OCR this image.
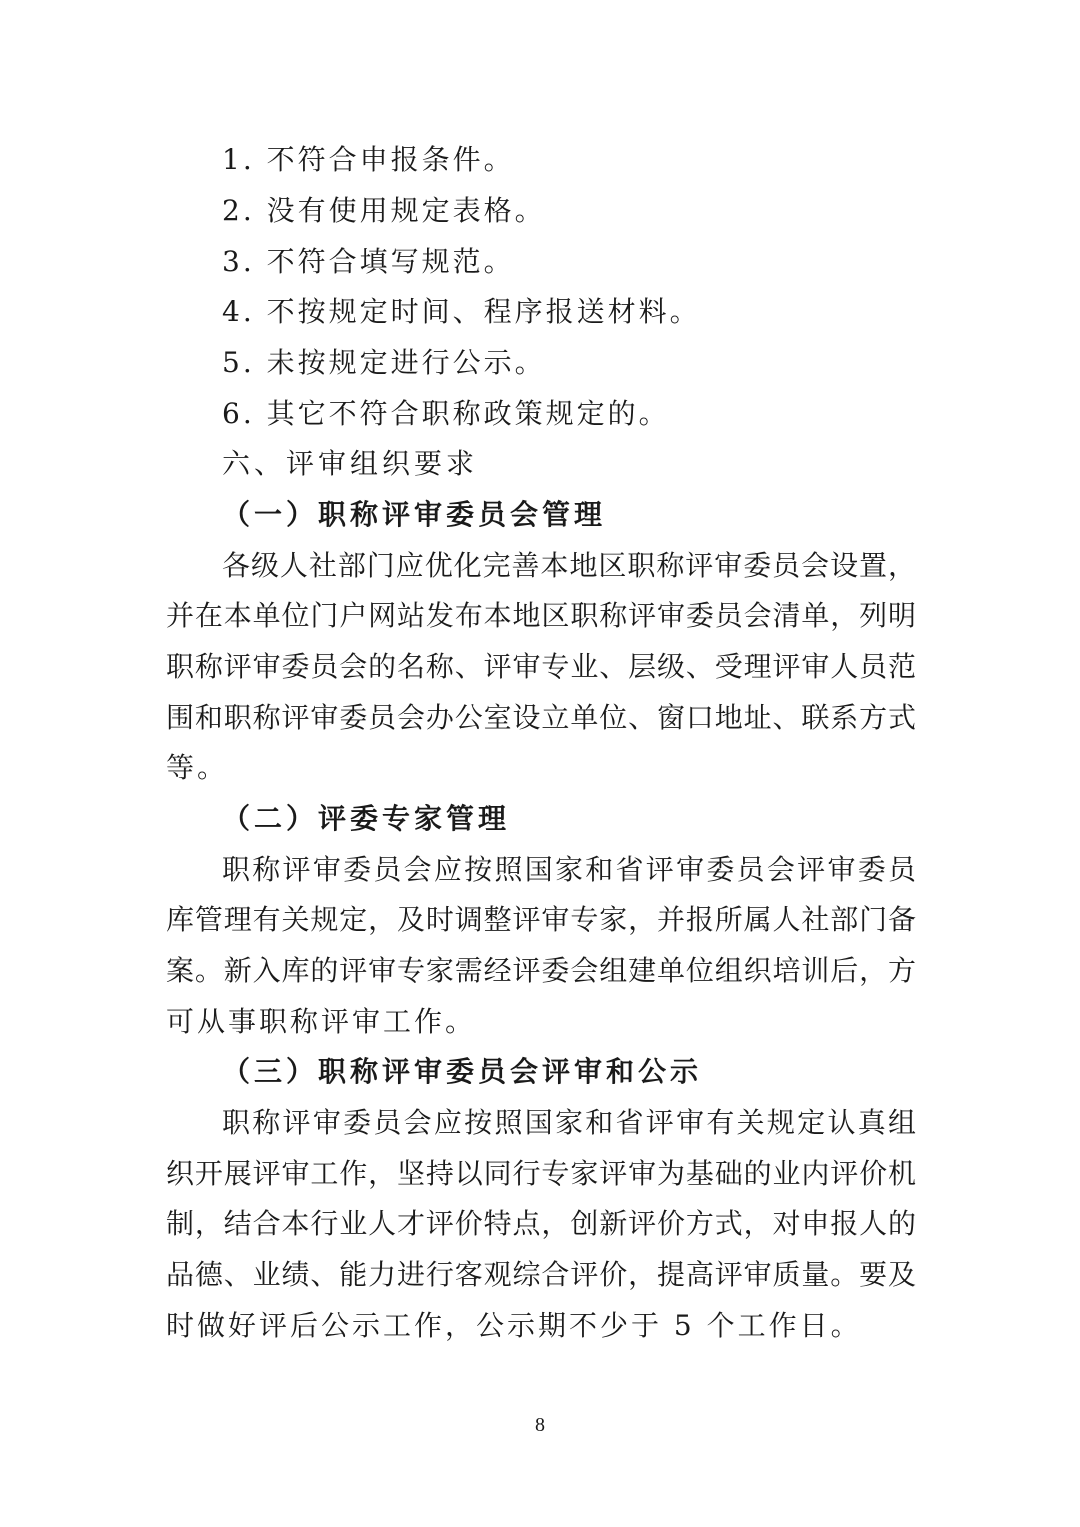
1. 不符合申报条件。
2. 没有使用规定表格。
3. 不符合填写规范。
4. 不按规定时间、程序报送材料。
5. 未按规定进行公示。
6. 其它不符合职称政策规定的。
六、评审组织要求
（一）职称评审委员会管理
各级人社部门应优化完善本地区职称评审委员会设置，
并在本单位门户网站发布本地区职称评审委员会清单，列明
职称评审委员会的名称、评审专业、层级、受理评审人员范
围和职称评审委员会办公室设立单位、窗口地址、联系方式
等。
（二）评委专家管理
职称评审委员会应按照国家和省评审委员会评审委员
库管理有关规定，及时调整评审专家，并报所属人社部门备
案。新入库的评审专家需经评委会组建单位组织培训后，方
可从事职称评审工作。
（三）职称评审委员会评审和公示
职称评审委员会应按照国家和省评审有关规定认真组
织开展评审工作，坚持以同行专家评审为基础的业内评价机
制，结合本行业人才评价特点，创新评价方式，对申报人的
品德、业绩、能力进行客观综合评价，提高评审质量。要及
时做好评后公示工作，公示期不少于 5 个工作日。
8
